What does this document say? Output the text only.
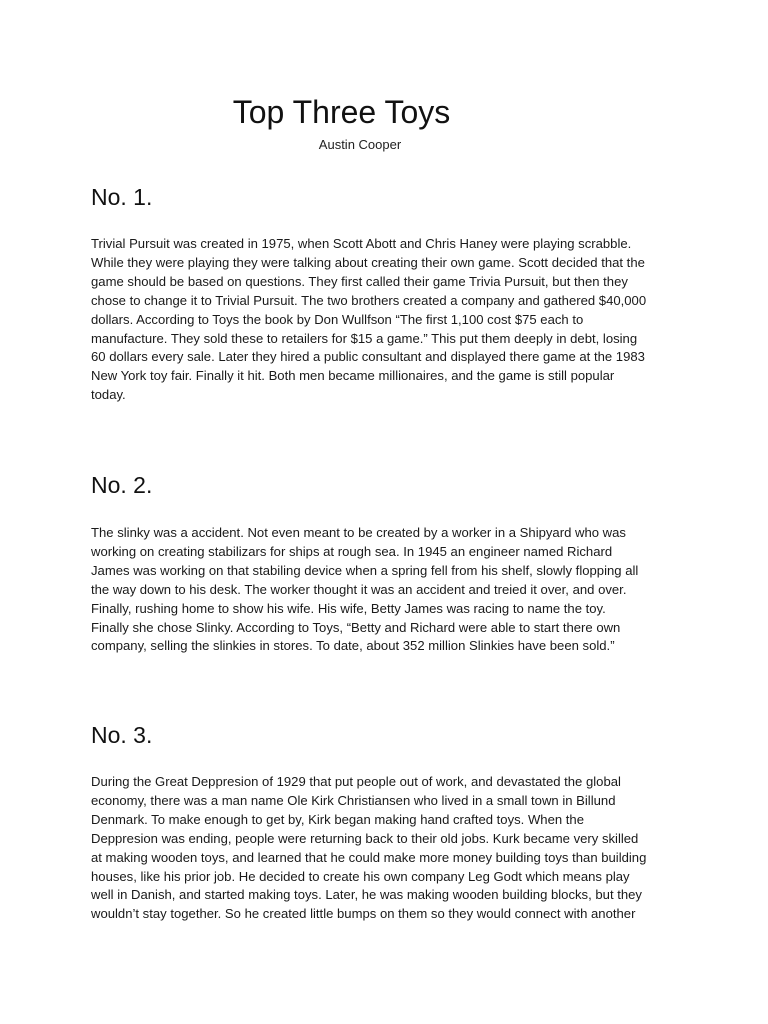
Top Three Toys
Austin Cooper
No. 1.
Trivial Pursuit was created in 1975, when Scott Abott and Chris Haney were playing scrabble.
While they were playing they were talking about creating their own game. Scott decided that the
game should be based on questions. They first called their game Trivia Pursuit, but then they
chose to change it to Trivial Pursuit. The two brothers created a company and gathered $40,000
dollars. According to Toys the book by Don Wullfson “The first 1,100 cost $75 each to
manufacture. They sold these to retailers for $15 a game.” This put them deeply in debt, losing
60 dollars every sale. Later they hired a public consultant and displayed there game at the 1983
New York toy fair. Finally it hit. Both men became millionaires, and the game is still popular
today.
No. 2.
The slinky was a accident. Not even meant to be created by a worker in a Shipyard who was
working on creating stabilizars for ships at rough sea. In 1945 an engineer named Richard
James was working on that stabiling device when a spring fell from his shelf, slowly flopping all
the way down to his desk. The worker thought it was an accident and treied it over, and over.
Finally, rushing home to show his wife. His wife, Betty James was racing to name the toy.
Finally she chose Slinky. According to Toys, “Betty and Richard were able to start there own
company, selling the slinkies in stores. To date, about 352 million Slinkies have been sold.”
No. 3.
During the Great Deppresion of 1929 that put people out of work, and devastated the global
economy, there was a man name Ole Kirk Christiansen who lived in a small town in Billund
Denmark. To make enough to get by, Kirk began making hand crafted toys. When the
Deppresion was ending, people were returning back to their old jobs. Kurk became very skilled
at making wooden toys, and learned that he could make more money building toys than building
houses, like his prior job. He decided to create his own company Leg Godt which means play
well in Danish, and started making toys. Later, he was making wooden building blocks, but they
wouldn’t stay together. So he created little bumps on them so they would connect with another
